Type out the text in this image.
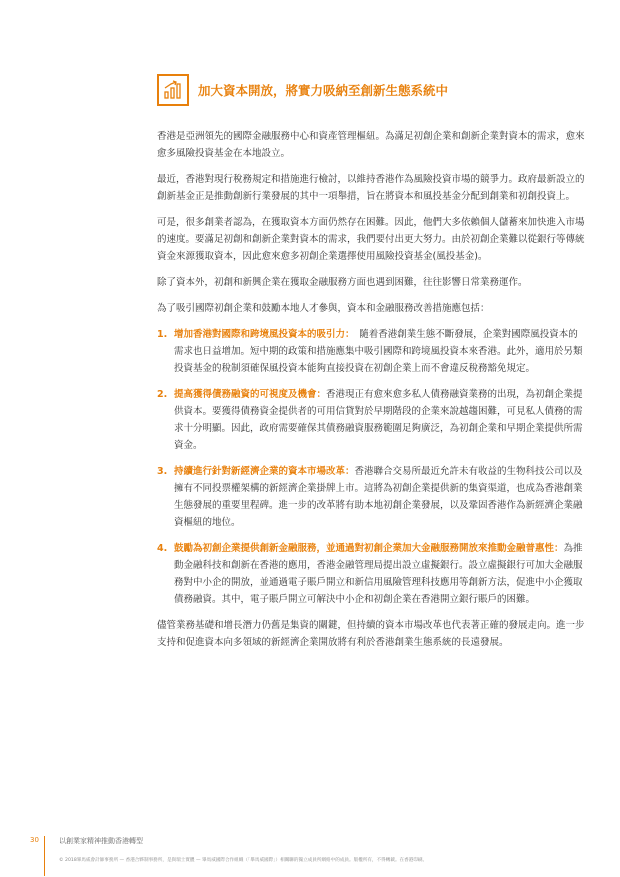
加大資本開放，將實力吸納至創新生態系統中

香港是亞洲領先的國際金融服務中心和資產管理樞紐。為滿足初創企業和創新企業對資本的需求，愈來愈多風險投資基金在本地設立。

最近，香港對現行稅務規定和措施進行檢討，以維持香港作為風險投資市場的競爭力。政府最新設立的創新基金正是推動創新行業發展的其中一項舉措，旨在將資本和風投基金分配到創業和初創投資上。

可是，很多創業者認為，在獲取資本方面仍然存在困難。因此，他們大多依賴個人儲蓄來加快進入市場的速度。要滿足初創和創新企業對資本的需求，我們要付出更大努力。由於初創企業難以從銀行等傳統資金來源獲取資本，因此愈來愈多初創企業選擇使用風險投資基金(風投基金)。

除了資本外，初創和新興企業在獲取金融服務方面也遇到困難，往往影響日常業務運作。

為了吸引國際初創企業和鼓勵本地人才參與，資本和金融服務改善措施應包括：

1. 增加香港對國際和跨境風投資本的吸引力：　隨着香港創業生態不斷發展，企業對國際風投資本的需求也日益增加。短中期的政策和措施應集中吸引國際和跨境風投資本來香港。此外，適用於另類投資基金的稅制須確保風投資本能夠直接投資在初創企業上而不會違反稅務豁免規定。
2. 提高獲得債務融資的可視度及機會：香港現正有愈來愈多私人債務融資業務的出現，為初創企業提供資本。要獲得債務資金提供者的可用信貸對於早期階段的企業來說越趨困難，可見私人債務的需求十分明顯。因此，政府需要確保其債務融資服務範圍足夠廣泛，為初創企業和早期企業提供所需資金。
3. 持續進行針對新經濟企業的資本市場改革：香港聯合交易所最近允許未有收益的生物科技公司以及擁有不同投票權架構的新經濟企業掛牌上市。這將為初創企業提供新的集資渠道，也成為香港創業生態發展的重要里程碑。進一步的改革將有助本地初創企業發展，以及鞏固香港作為新經濟企業融資樞紐的地位。
4. 鼓勵為初創企業提供創新金融服務，並通過對初創企業加大金融服務開放來推動金融普惠性：為推動金融科技和創新在香港的應用，香港金融管理局提出設立虛擬銀行。設立虛擬銀行可加大金融服務對中小企的開放，並通過電子賬戶開立和新信用風險管理科技應用等創新方法，促進中小企獲取債務融資。其中，電子賬戶開立可解決中小企和初創企業在香港開立銀行賬戶的困難。

儘管業務基礎和增長潛力仍舊是集資的關鍵，但持續的資本市場改革也代表著正確的發展走向。進一步支持和促進資本向多領域的新經濟企業開放將有利於香港創業生態系統的長遠發展。

30	以創業家精神推動香港轉型
© 2018畢馬威會計師事務所 — 香港合夥制事務所，是與瑞士實體 — 畢馬威國際合作組織（「畢馬威國際」）相關聯的獨立成員所網絡中的成員。版權所有，不得轉載。在香港印刷。
